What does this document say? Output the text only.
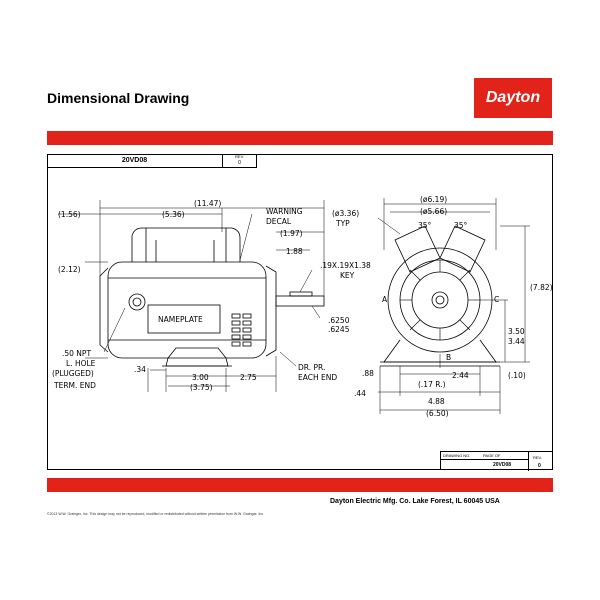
Dimensional Drawing	Dayton
20VD08
REV.
0
DRAWING NO.	PAGE OF	REV.
20VD08	0
Dayton Electric Mfg. Co. Lake Forest, IL 60045 USA
©2013 W.W. Grainger, Inc. This design may not be reproduced, modified or redistributed without written permission from W.W. Grainger, Inc.
(11.47)
(1.56)	(5.36)
(2.12)
WARNING
DECAL
(1.97)
1.88
.19X.19X1.38
KEY
.6250
.6245
NAMEPLATE
.50 NPT
L. HOLE
(PLUGGED)
TERM. END
.34
3.00
(3.75)
2.75
DR. PR.
EACH END
(ø6.19)
(ø5.66)
(ø3.36)
TYP	35°	35°
A
B
C
(7.82)
3.50
3.44
.88	2.44
(.17 R.)
(.10)
.44
4.88
(6.50)
